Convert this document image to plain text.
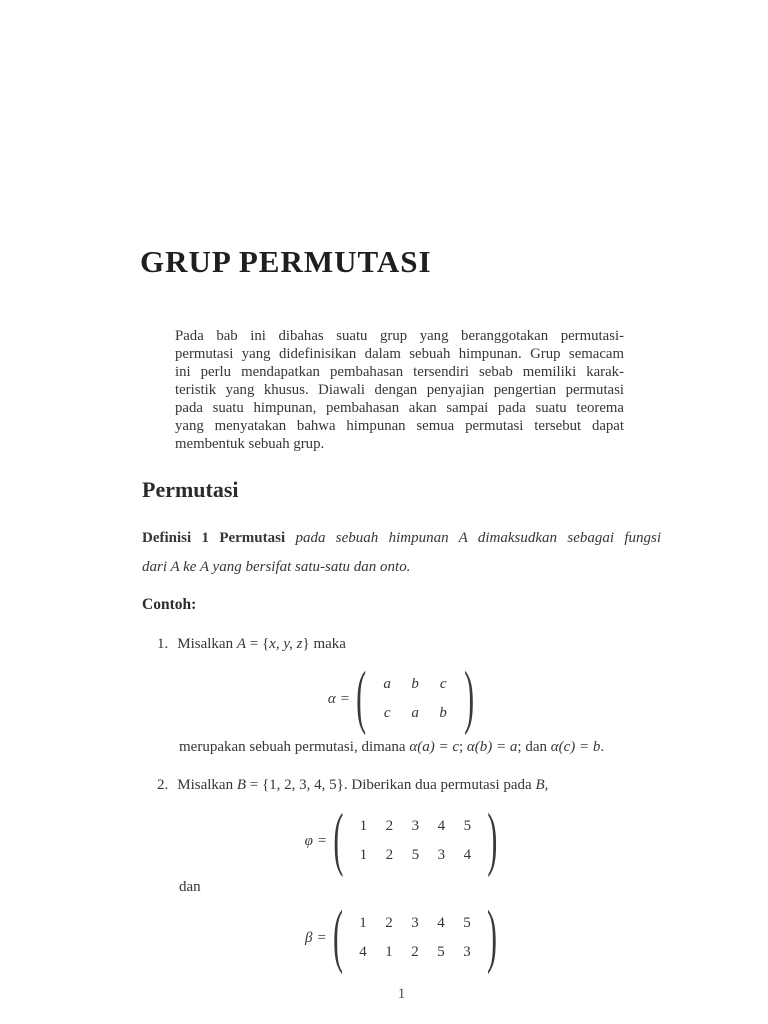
GRUP PERMUTASI
Pada bab ini dibahas suatu grup yang beranggotakan permutasi-
permutasi yang didefinisikan dalam sebuah himpunan. Grup semacam
ini perlu mendapatkan pembahasan tersendiri sebab memiliki karak-
teristik yang khusus. Diawali dengan penyajian pengertian permutasi
pada suatu himpunan, pembahasan akan sampai pada suatu teorema
yang menyatakan bahwa himpunan semua permutasi tersebut dapat
membentuk sebuah grup.
Permutasi
Definisi 1 Permutasi pada sebuah himpunan A dimaksudkan sebagai fungsi
dari A ke A yang bersifat satu-satu dan onto.
Contoh:
1. Misalkan A = {x, y, z} maka
α = (	a	b	c
c	a	b )
merupakan sebuah permutasi, dimana α(a) = c; α(b) = a; dan α(c) = b.
2. Misalkan B = {1, 2, 3, 4, 5}. Diberikan dua permutasi pada B,
φ = (	1	2	3	4	5
1	2	5	3	4 )
dan
β = (	1	2	3	4	5
4	1	2	5	3 )
1
